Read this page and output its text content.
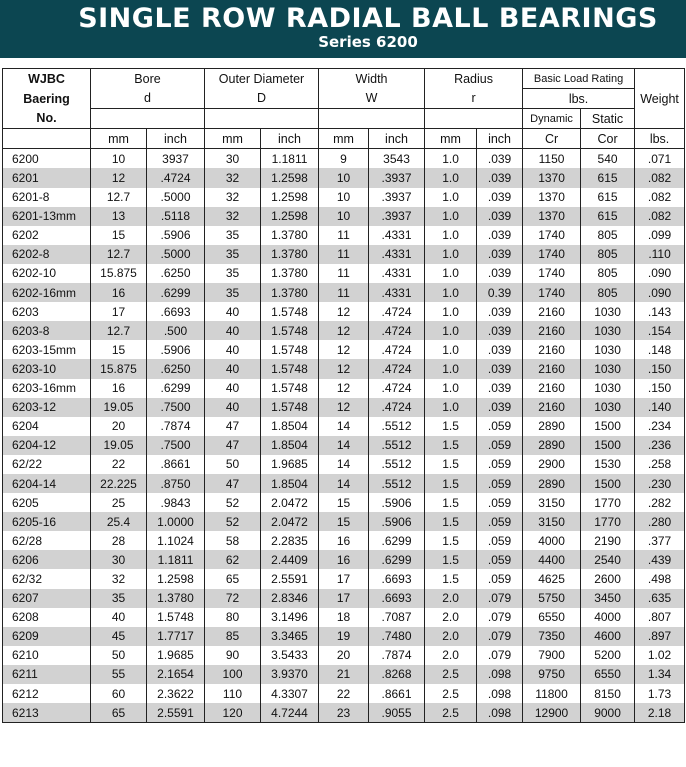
SINGLE ROW RADIAL BALL BEARINGS
Series 6200
WJBC	Bore		Outer Diameter		Width		Radius		Basic Load Rating		
Baering	d		D		W		r		lbs.		Weight
No.									Dynamic	Static	
	mm	inch	mm	inch	mm	inch	mm	inch	Cr	Cor	lbs.
6200	10	3937	30	1.1811	9	3543	1.0	.039	1150	540	.071
6201	12	.4724	32	1.2598	10	.3937	1.0	.039	1370	615	.082
6201-8	12.7	.5000	32	1.2598	10	.3937	1.0	.039	1370	615	.082
6201-13mm	13	.5118	32	1.2598	10	.3937	1.0	.039	1370	615	.082
6202	15	.5906	35	1.3780	11	.4331	1.0	.039	1740	805	.099
6202-8	12.7	.5000	35	1.3780	11	.4331	1.0	.039	1740	805	.110
6202-10	15.875	.6250	35	1.3780	11	.4331	1.0	.039	1740	805	.090
6202-16mm	16	.6299	35	1.3780	11	.4331	1.0	0.39	1740	805	.090
6203	17	.6693	40	1.5748	12	.4724	1.0	.039	2160	1030	.143
6203-8	12.7	.500	40	1.5748	12	.4724	1.0	.039	2160	1030	.154
6203-15mm	15	.5906	40	1.5748	12	.4724	1.0	.039	2160	1030	.148
6203-10	15.875	.6250	40	1.5748	12	.4724	1.0	.039	2160	1030	.150
6203-16mm	16	.6299	40	1.5748	12	.4724	1.0	.039	2160	1030	.150
6203-12	19.05	.7500	40	1.5748	12	.4724	1.0	.039	2160	1030	.140
6204	20	.7874	47	1.8504	14	.5512	1.5	.059	2890	1500	.234
6204-12	19.05	.7500	47	1.8504	14	.5512	1.5	.059	2890	1500	.236
62/22	22	.8661	50	1.9685	14	.5512	1.5	.059	2900	1530	.258
6204-14	22.225	.8750	47	1.8504	14	.5512	1.5	.059	2890	1500	.230
6205	25	.9843	52	2.0472	15	.5906	1.5	.059	3150	1770	.282
6205-16	25.4	1.0000	52	2.0472	15	.5906	1.5	.059	3150	1770	.280
62/28	28	1.1024	58	2.2835	16	.6299	1.5	.059	4000	2190	.377
6206	30	1.1811	62	2.4409	16	.6299	1.5	.059	4400	2540	.439
62/32	32	1.2598	65	2.5591	17	.6693	1.5	.059	4625	2600	.498
6207	35	1.3780	72	2.8346	17	.6693	2.0	.079	5750	3450	.635
6208	40	1.5748	80	3.1496	18	.7087	2.0	.079	6550	4000	.807
6209	45	1.7717	85	3.3465	19	.7480	2.0	.079	7350	4600	.897
6210	50	1.9685	90	3.5433	20	.7874	2.0	.079	7900	5200	1.02
6211	55	2.1654	100	3.9370	21	.8268	2.5	.098	9750	6550	1.34
6212	60	2.3622	110	4.3307	22	.8661	2.5	.098	11800	8150	1.73
6213	65	2.5591	120	4.7244	23	.9055	2.5	.098	12900	9000	2.18
